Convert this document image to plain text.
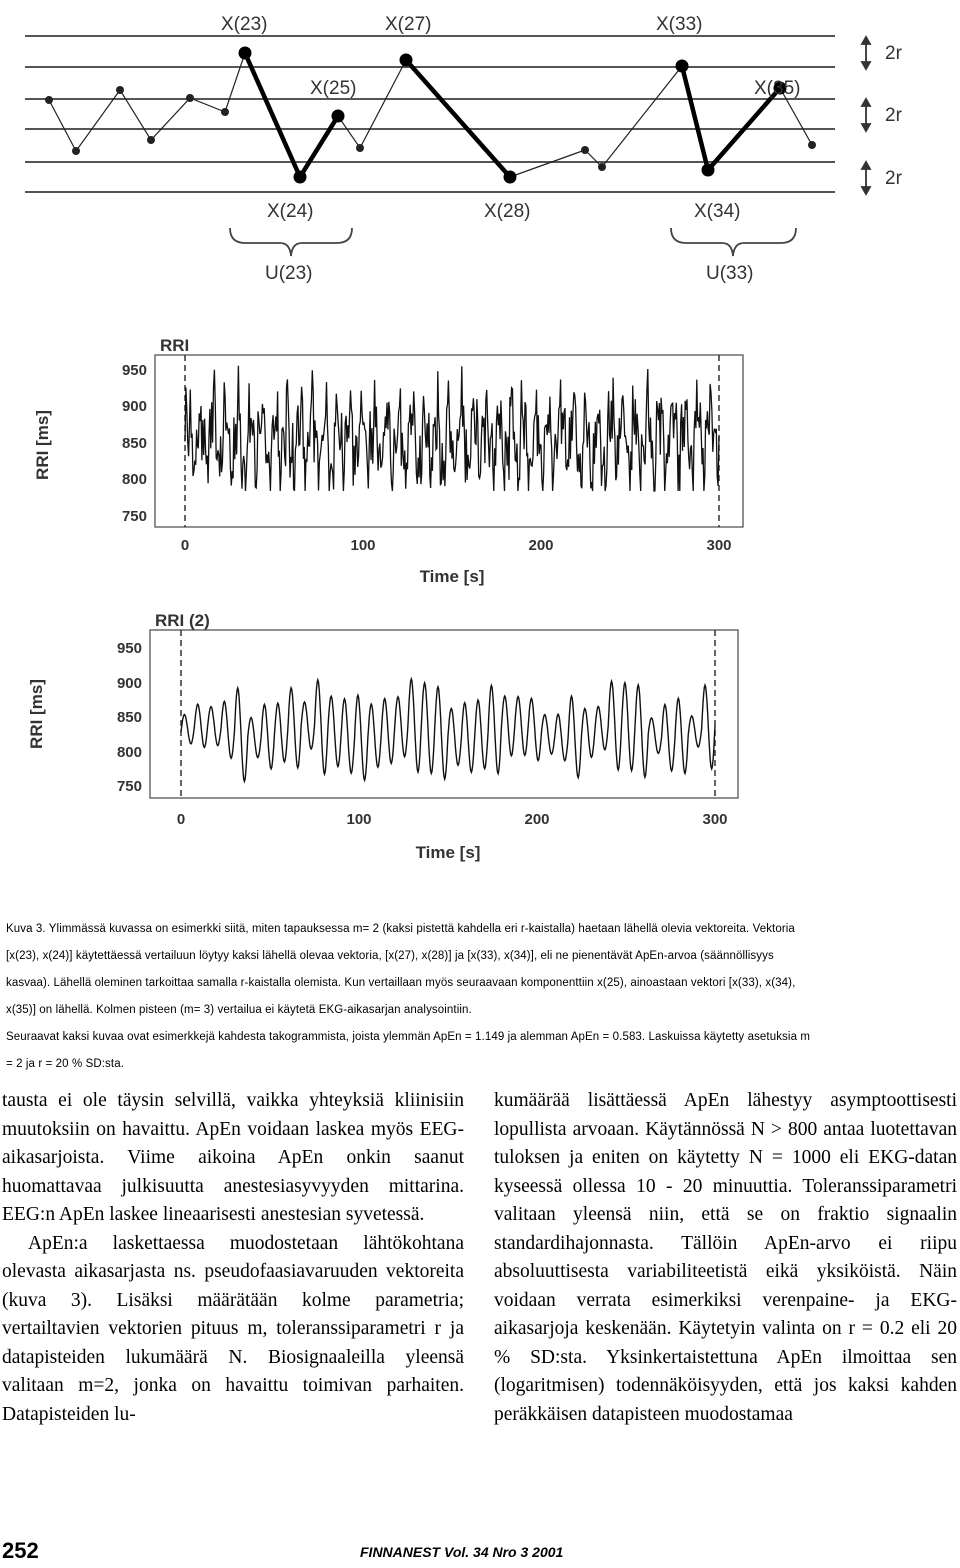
X(23)	X(27)	X(33)
X(25)	X(35)
X(24)	X(28)	X(34)
U(23)	U(33)
2r
2r
2r
RRI
RRI [ms]
950
900
850
800
750
0	100	200	300
Time [s]
RRI (2)
RRI [ms]
950
900
850
800
750
0	100	200	300
Time [s]

Kuva 3. Ylimmässä kuvassa on esimerkki siitä, miten tapauksessa m= 2 (kaksi pistettä kahdella eri r-kaistalla) haetaan lähellä olevia vektoreita. Vektoria

[x(23), x(24)] käytettäessä vertailuun löytyy kaksi lähellä olevaa vektoria, [x(27), x(28)] ja [x(33), x(34)], eli ne pienentävät ApEn-arvoa (säännöllisyys

kasvaa). Lähellä oleminen tarkoittaa samalla r-kaistalla olemista. Kun vertaillaan myös seuraavaan komponenttiin x(25), ainoastaan vektori [x(33), x(34),

x(35)] on lähellä. Kolmen pisteen (m= 3) vertailua ei käytetä EKG-aikasarjan analysointiin.

Seuraavat kaksi kuvaa ovat esimerkkejä kahdesta takogrammista, joista ylemmän ApEn = 1.149 ja alemman ApEn = 0.583. Laskuissa käytetty asetuksia m

= 2 ja r = 20 % SD:sta.

tausta ei ole täysin selvillä, vaikka yhteyksiä kliinisiin muutoksiin on havaittu. ApEn voidaan laskea myös EEG-aikasarjoista. Viime aikoina ApEn onkin saanut huomattavaa julkisuutta anestesiasyvyyden mittarina. EEG:n ApEn laskee lineaarisesti anestesian syvetessä.

ApEn:a laskettaessa muodostetaan lähtökohtana olevasta aikasarjasta ns. pseudofaasiavaruuden vektoreita (kuva 3). Lisäksi määrätään kolme parametria; vertailtavien vektorien pituus m, toleranssiparametri r ja datapisteiden lukumäärä N. Biosignaaleilla yleensä valitaan m=2, jonka on havaittu toimivan parhaiten. Datapisteiden lu-

kumäärää lisättäessä ApEn lähestyy asymptoottisesti lopullista arvoaan. Käytännössä N > 800 antaa luotettavan tuloksen ja eniten on käytetty N = 1000 eli EKG-datan kyseessä ollessa 10 - 20 minuuttia. Toleranssiparametri valitaan yleensä niin, että se on fraktio signaalin standardihajonnasta. Tällöin ApEn-arvo ei riipu absoluuttisesta variabiliteetistä eikä yksiköistä. Näin voidaan verrata esimerkiksi verenpaine- ja EKG-aikasarjoja keskenään. Käytetyin valinta on r = 0.2 eli 20 % SD:sta. Yksinkertaistettuna ApEn ilmoittaa sen (logaritmisen) todennäköisyyden, että jos kaksi kahden peräkkäisen datapisteen muodostamaa

252	FINNANEST Vol. 34 Nro 3 2001
